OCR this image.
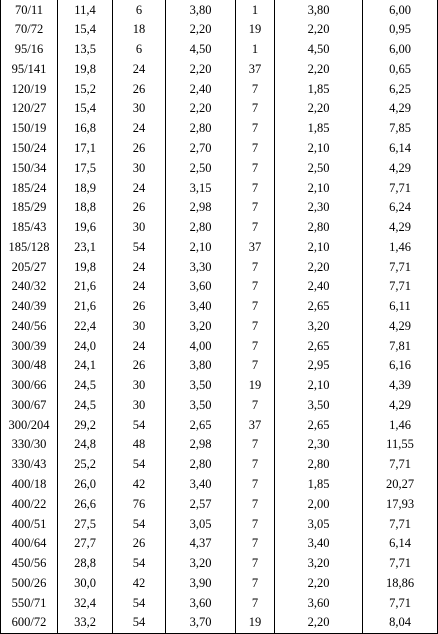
70/11	11,4	6	3,80	1	3,80	6,00
70/72	15,4	18	2,20	19	2,20	0,95
95/16	13,5	6	4,50	1	4,50	6,00
95/141	19,8	24	2,20	37	2,20	0,65
120/19	15,2	26	2,40	7	1,85	6,25
120/27	15,4	30	2,20	7	2,20	4,29
150/19	16,8	24	2,80	7	1,85	7,85
150/24	17,1	26	2,70	7	2,10	6,14
150/34	17,5	30	2,50	7	2,50	4,29
185/24	18,9	24	3,15	7	2,10	7,71
185/29	18,8	26	2,98	7	2,30	6,24
185/43	19,6	30	2,80	7	2,80	4,29
185/128	23,1	54	2,10	37	2,10	1,46
205/27	19,8	24	3,30	7	2,20	7,71
240/32	21,6	24	3,60	7	2,40	7,71
240/39	21,6	26	3,40	7	2,65	6,11
240/56	22,4	30	3,20	7	3,20	4,29
300/39	24,0	24	4,00	7	2,65	7,81
300/48	24,1	26	3,80	7	2,95	6,16
300/66	24,5	30	3,50	19	2,10	4,39
300/67	24,5	30	3,50	7	3,50	4,29
300/204	29,2	54	2,65	37	2,65	1,46
330/30	24,8	48	2,98	7	2,30	11,55
330/43	25,2	54	2,80	7	2,80	7,71
400/18	26,0	42	3,40	7	1,85	20,27
400/22	26,6	76	2,57	7	2,00	17,93
400/51	27,5	54	3,05	7	3,05	7,71
400/64	27,7	26	4,37	7	3,40	6,14
450/56	28,8	54	3,20	7	3,20	7,71
500/26	30,0	42	3,90	7	2,20	18,86
550/71	32,4	54	3,60	7	3,60	7,71
600/72	33,2	54	3,70	19	2,20	8,04
